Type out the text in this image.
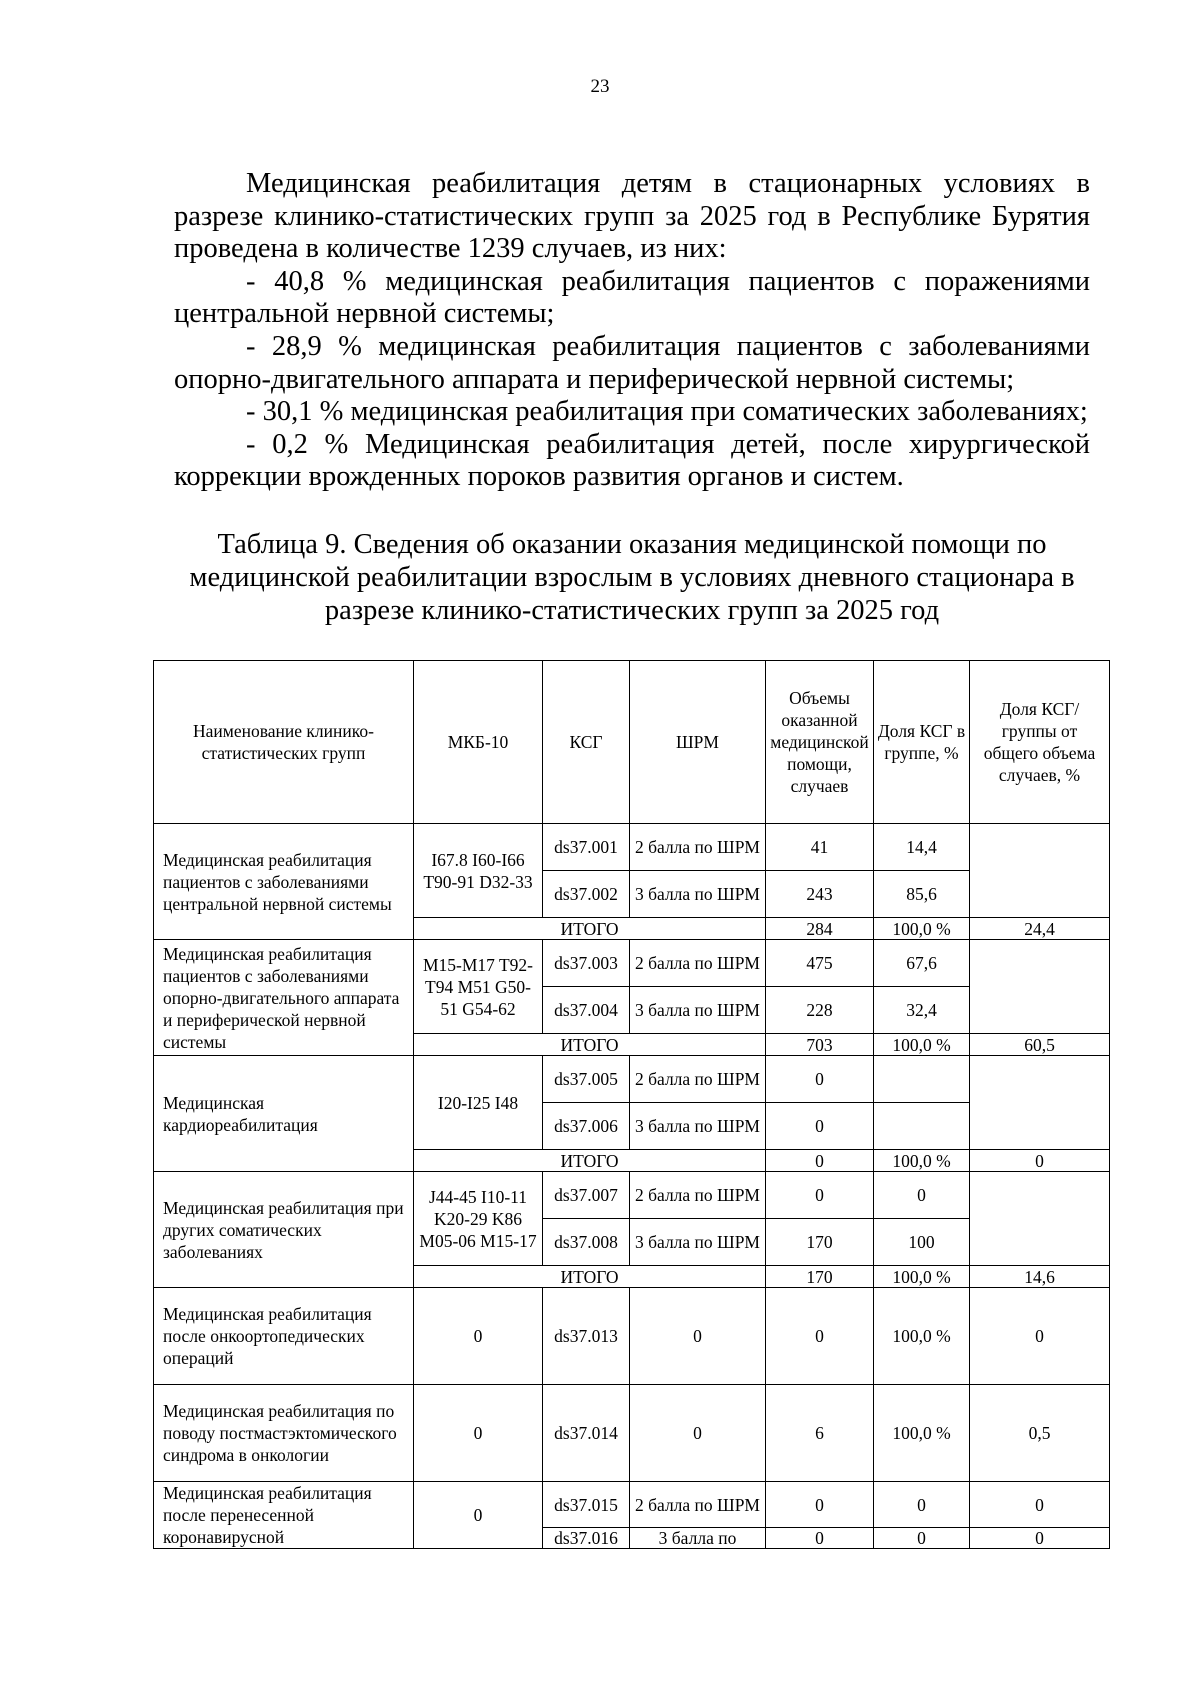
23

Медицинская реабилитация детям в стационарных условиях в разрезе клинико-статистических групп за 2025 год в Республике Бурятия проведена в количестве 1239 случаев, из них:

- 40,8 % медицинская реабилитация пациентов с поражениями центральной нервной системы;

- 28,9 % медицинская реабилитация пациентов с заболеваниями опорно-двигательного аппарата и периферической нервной системы;

- 30,1 % медицинская реабилитация при соматических заболеваниях;

- 0,2 % Медицинская реабилитация детей, после хирургической коррекции врожденных пороков развития органов и систем.

Таблица 9. Сведения об оказании оказания медицинской помощи по медицинской реабилитации взрослым в условиях дневного стационара в разрезе клинико-статистических групп за 2025 год
Наименование клинико-статистических групп	МКБ-10	КСГ	ШРМ	Объемы оказанной медицинской помощи, случаев	Доля КСГ в группе, %	Доля КСГ/группы от общего объема случаев, %
Медицинская реабилитация пациентов с заболеваниями центральной нервной системы	I67.8 I60-I66 T90-91 D32-33	ds37.001	2 балла по ШРМ	41	14,4	
		ds37.002	3 балла по ШРМ	243	85,6	
	ИТОГО			284	100,0 %	24,4
Медицинская реабилитация пациентов с заболеваниями опорно-двигательного аппарата и периферической нервной системы	M15-M17 T92-T94 M51 G50-51 G54-62	ds37.003	2 балла по ШРМ	475	67,6	
		ds37.004	3 балла по ШРМ	228	32,4	
	ИТОГО			703	100,0 %	60,5
Медицинская кардиореабилитация	I20-I25 I48	ds37.005	2 балла по ШРМ	0		
		ds37.006	3 балла по ШРМ	0		
	ИТОГО			0	100,0 %	0
Медицинская реабилитация при других соматических заболеваниях	J44-45 I10-11 K20-29 K86 M05-06 M15-17	ds37.007	2 балла по ШРМ	0	0	
		ds37.008	3 балла по ШРМ	170	100	
	ИТОГО			170	100,0 %	14,6
Медицинская реабилитация после онкоортопедических операций	0	ds37.013	0	0	100,0 %	0
Медицинская реабилитация по поводу постмастэктомического синдрома в онкологии	0	ds37.014	0	6	100,0 %	0,5
Медицинская реабилитация после перенесенной коронавирусной	0	ds37.015	2 балла по ШРМ	0	0	0
		ds37.016	3 балла по	0	0	0
